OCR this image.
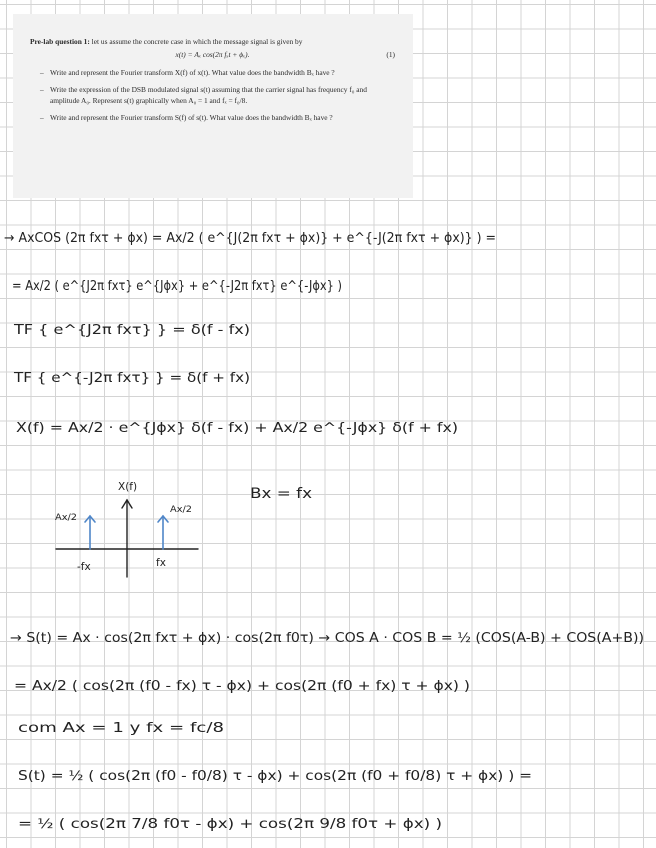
Pre-lab question 1: let us assume the concrete case in which the message signal is given by

x(t) = Aₓ cos(2π fₓt + ϕₓ).	(1)
– Write and represent the Fourier transform X(f) of x(t). What value does the bandwidth Bₓ have ?
– Write the expression of the DSB modulated signal s(t) assuming that the carrier signal has frequency f₀ and amplitude A₀. Represent s(t) graphically when A₀ = 1 and fₓ = f₀/8.
– Write and represent the Fourier transform S(f) of s(t). What value does the bandwidth Bₓ have ?
→ AxCOS (2π fxτ + ϕx) = Ax/2 ( e^{J(2π fxτ + ϕx)} + e^{-J(2π fxτ + ϕx)} ) =
= Ax/2 ( e^{J2π fxτ} e^{Jϕx} + e^{-J2π fxτ} e^{-Jϕx} )
TF { e^{J2π fxτ} } = δ(f - fx)
TF { e^{-J2π fxτ} } = δ(f + fx)
X(f) = Ax/2 · e^{Jϕx} δ(f - fx) + Ax/2 e^{-Jϕx} δ(f + fx)
X(f)
Ax/2
Ax/2
-fx	fx
Bx = fx
→ S(t) = Ax · cos(2π fxτ + ϕx) · cos(2π f0τ) → COS A · COS B = ½ (COS(A-B) + COS(A+B))
= Ax/2 ( cos(2π (f0 - fx) τ - ϕx) + cos(2π (f0 + fx) τ + ϕx) )
com Ax = 1 y fx = fc/8
S(t) = ½ ( cos(2π (f0 - f0/8) τ - ϕx) + cos(2π (f0 + f0/8) τ + ϕx) ) =
= ½ ( cos(2π 7/8 f0τ - ϕx) + cos(2π 9/8 f0τ + ϕx) )
